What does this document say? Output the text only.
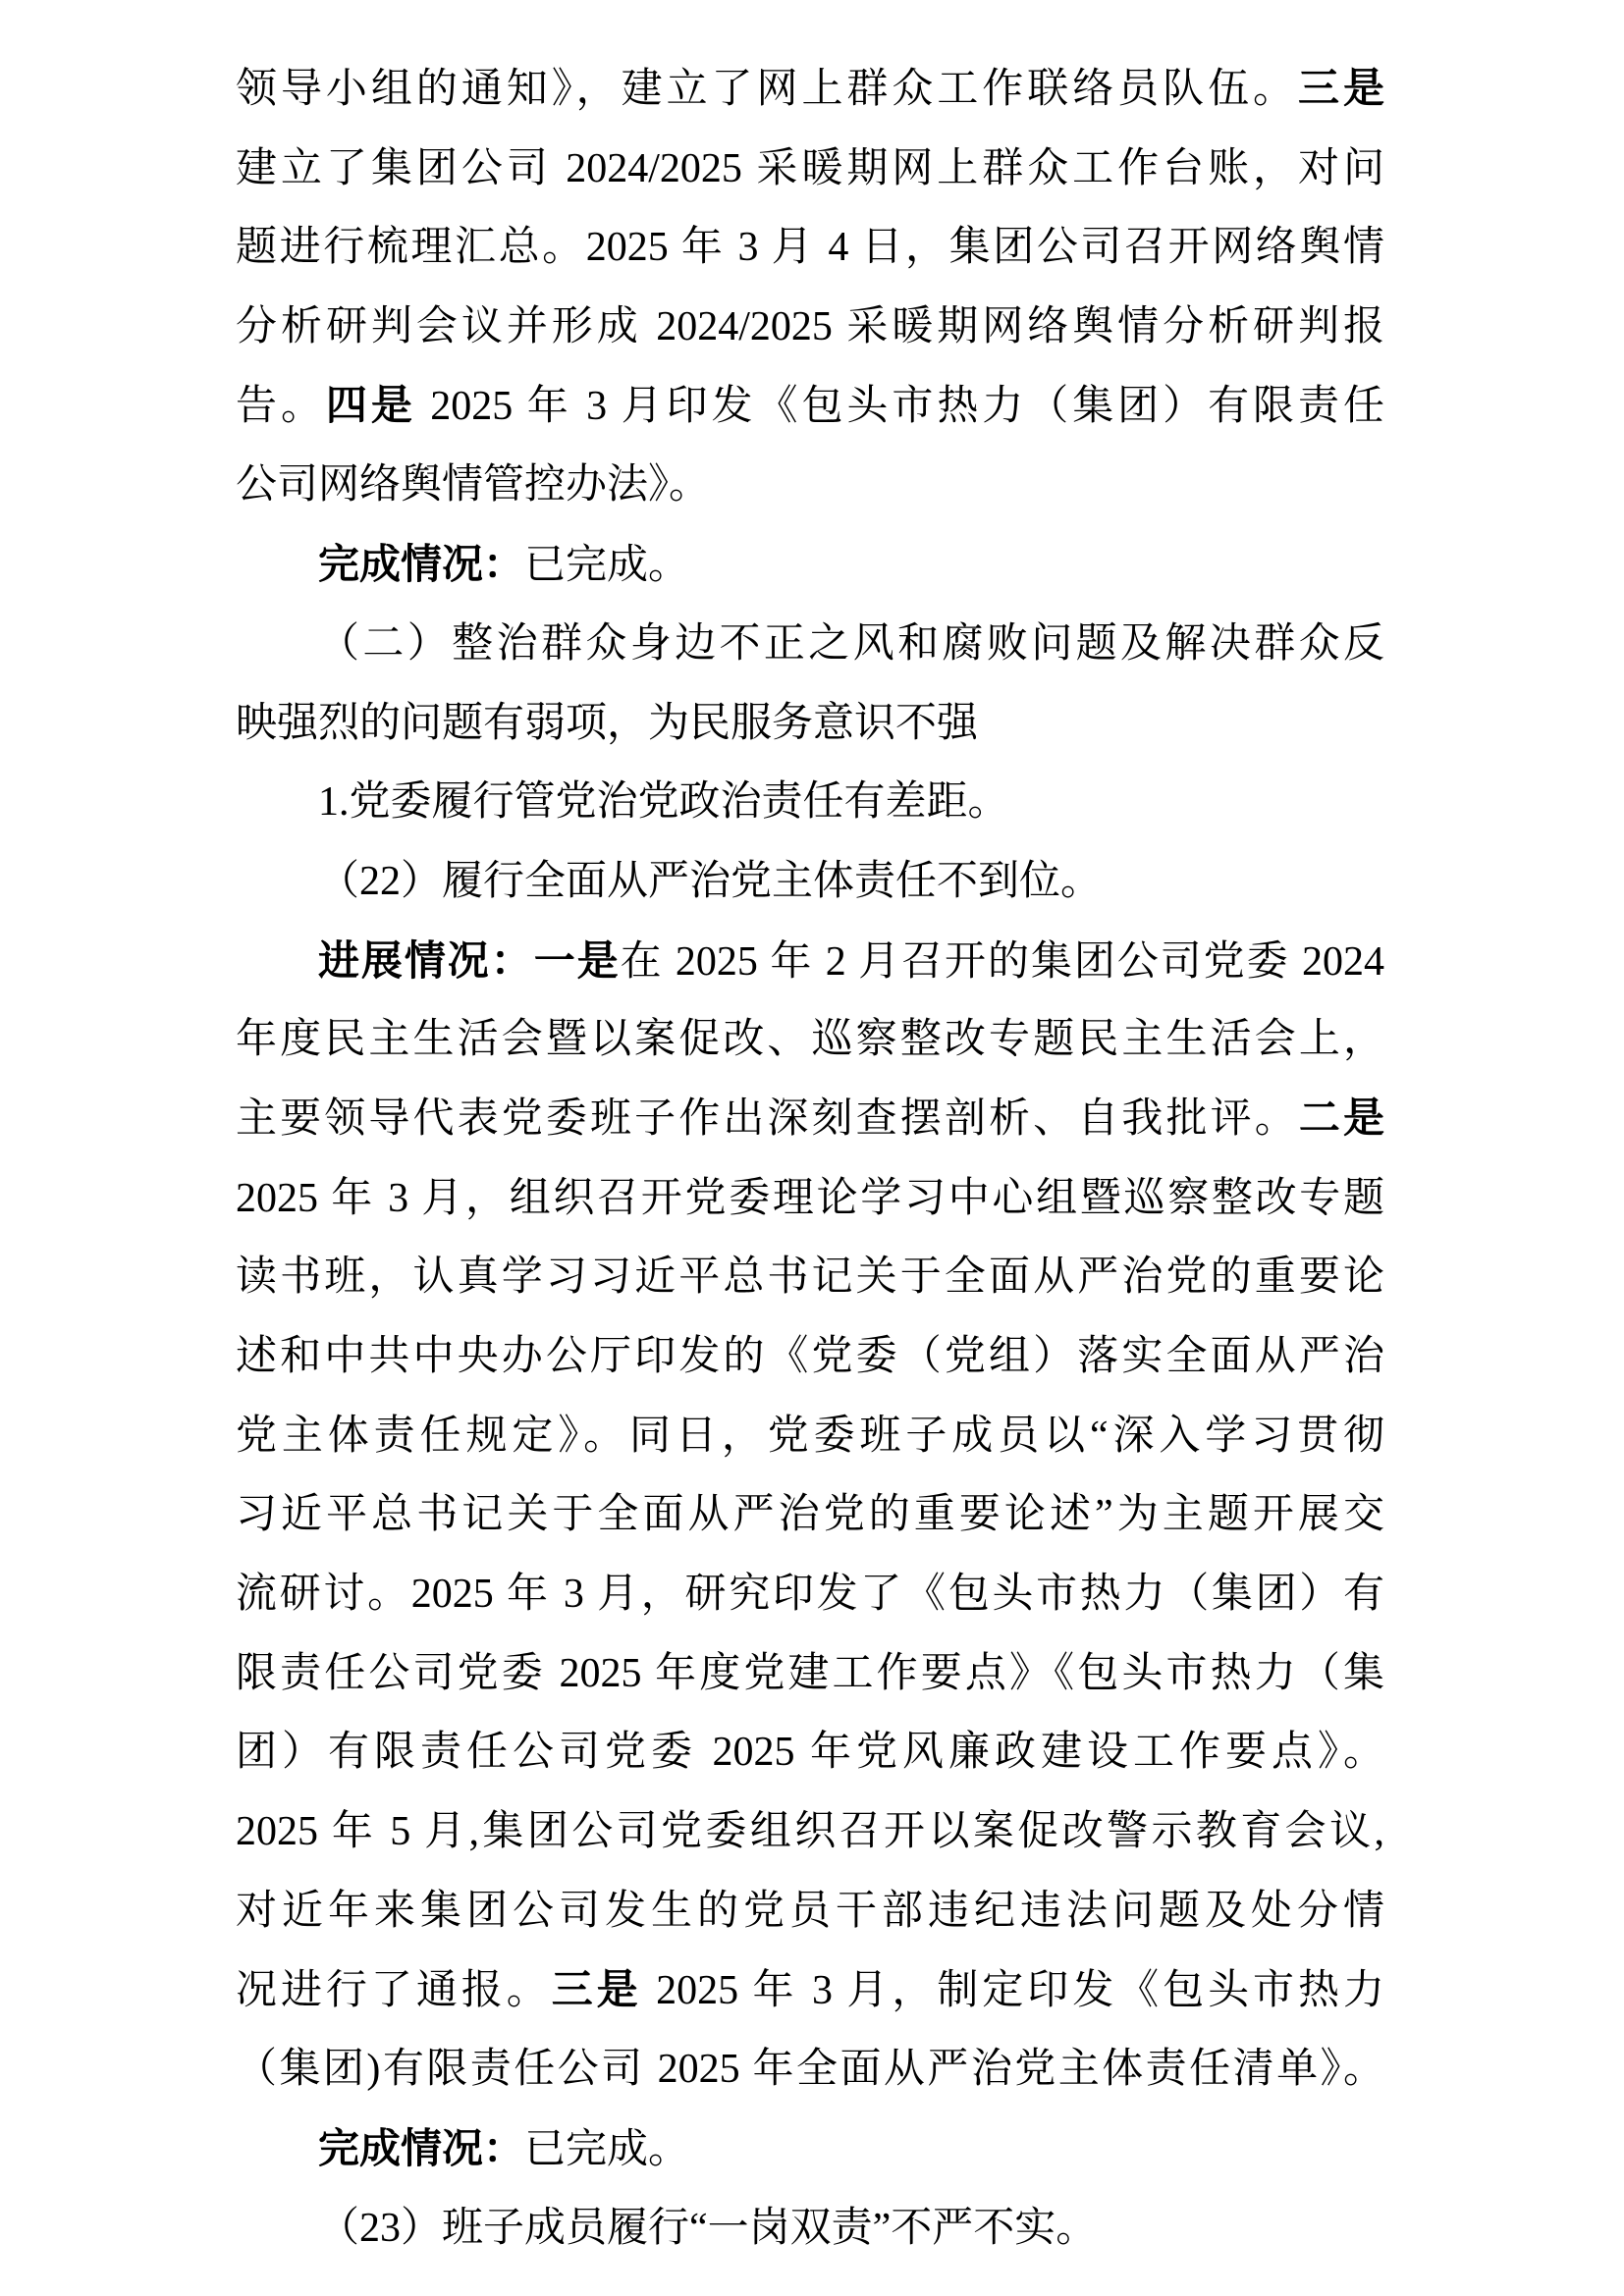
领导小组的通知》，建立了网上群众工作联络员队伍。三是
建立了集团公司 2024/2025 采暖期网上群众工作台账，对问
题进行梳理汇总。2025 年 3 月 4 日，集团公司召开网络舆情
分析研判会议并形成 2024/2025 采暖期网络舆情分析研判报
告。四是 2025 年 3 月印发《包头市热力（集团）有限责任
公司网络舆情管控办法》。
完成情况：已完成。
（二）整治群众身边不正之风和腐败问题及解决群众反
映强烈的问题有弱项，为民服务意识不强
1.党委履行管党治党政治责任有差距。
（22）履行全面从严治党主体责任不到位。
进展情况：一是在 2025 年 2 月召开的集团公司党委 2024
年度民主生活会暨以案促改、巡察整改专题民主生活会上，
主要领导代表党委班子作出深刻查摆剖析、自我批评。二是
2025 年 3 月，组织召开党委理论学习中心组暨巡察整改专题
读书班，认真学习习近平总书记关于全面从严治党的重要论
述和中共中央办公厅印发的《党委（党组）落实全面从严治
党主体责任规定》。同日，党委班子成员以“深入学习贯彻
习近平总书记关于全面从严治党的重要论述”为主题开展交
流研讨。2025 年 3 月，研究印发了《包头市热力（集团）有
限责任公司党委 2025 年度党建工作要点》《包头市热力（集
团）有限责任公司党委 2025 年党风廉政建设工作要点》。
2025 年 5 月,集团公司党委组织召开以案促改警示教育会议,
对近年来集团公司发生的党员干部违纪违法问题及处分情
况进行了通报。三是 2025 年 3 月，制定印发《包头市热力
（集团)有限责任公司 2025 年全面从严治党主体责任清单》。
完成情况：已完成。
（23）班子成员履行“一岗双责”不严不实。
